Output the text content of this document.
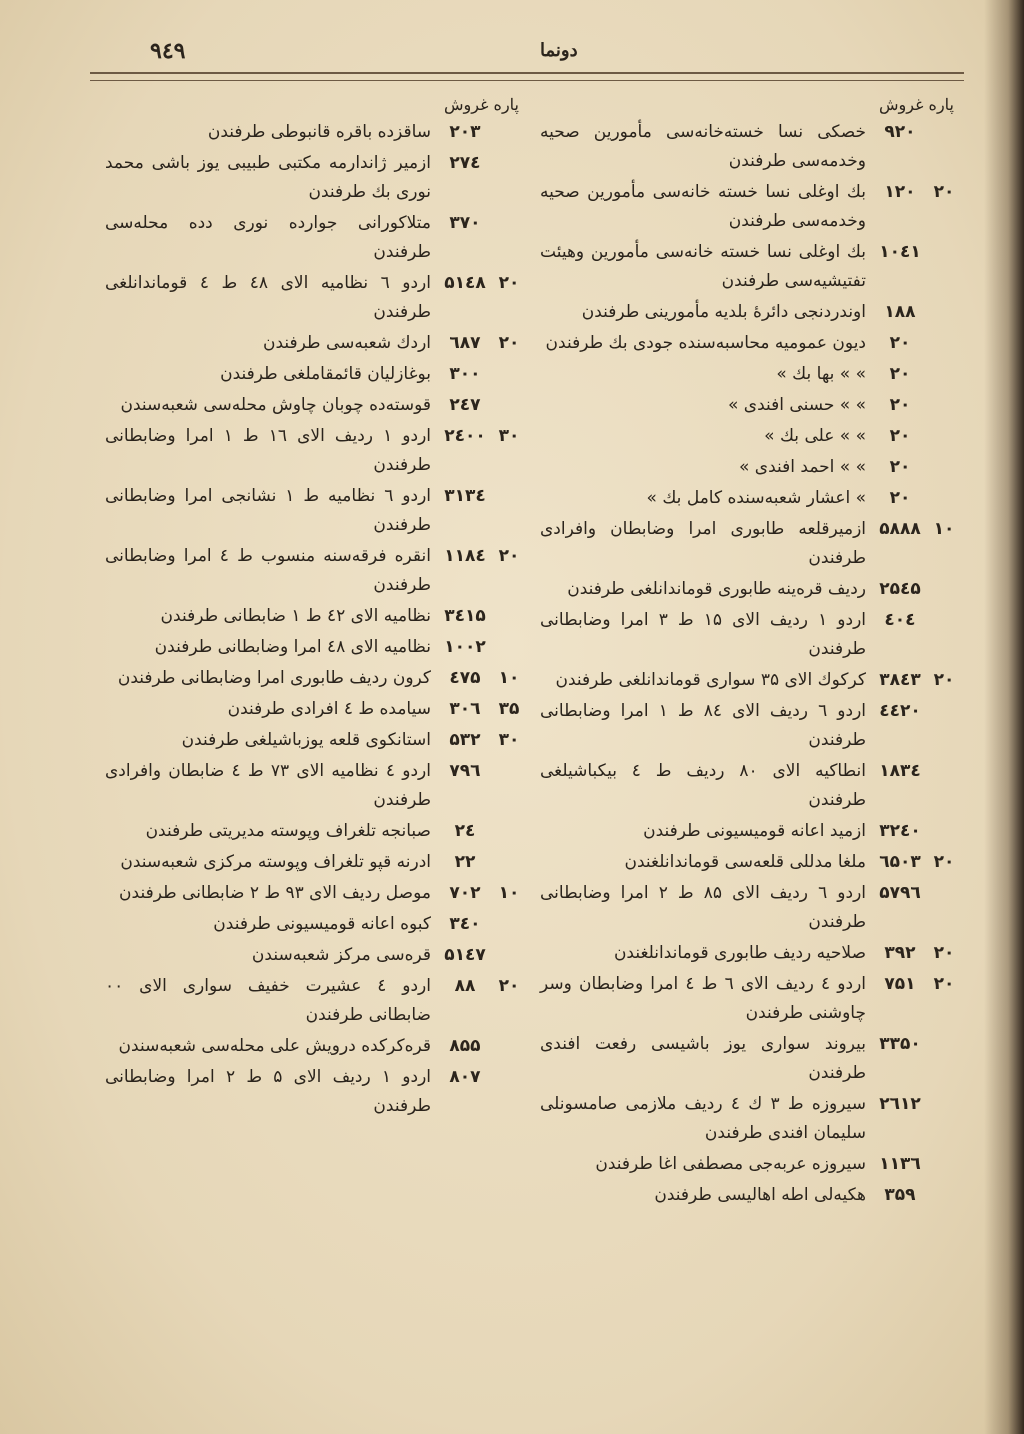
۹٤۹	دونما
پاره غروش
۹۲۰
خصکی نسا خسته‌خانه‌سی مأمورین صحیه وخدمه‌سی طرفندن
۲۰
۱۲۰
بك اوغلی نسا خسته خانه‌سی مأمورین صحیه وخدمه‌سی طرفندن
۱۰٤۱
بك اوغلی نسا خسته خانه‌سی مأمورین وهیئت تفتیشیه‌سی طرفندن
۱۸۸
اوندردنجی دائرهٔ بلدیه مأمورینی طرفندن
۲۰
دیون عمومیه محاسبه‌سنده جودی بك طرفندن
۲۰
» » بها بك »
۲۰
» » حسنی افندی »
۲۰
» » علی بك »
۲۰
» » احمد افندی »
۲۰
» اعشار شعبه‌سنده کامل بك »
۱۰
۵۸۸۸
ازمیرقلعه طابوری امرا وضابطان وافرادی طرفندن
۲۵٤۵
ردیف قرەینه طابوری قوماندانلغی طرفندن
٤۰٤
اردو ۱ ردیف الای ۱۵ ط ۳ امرا وضابطانی طرفندن
۲۰
۳۸٤۳
کرکوك الای ۳۵ سواری قوماندانلغی طرفندن
٤٤۲۰
اردو ٦ ردیف الای ۸٤ ط ۱ امرا وضابطانی طرفندن
۱۸۳٤
انطاکیه الای ۸۰ ردیف ط ٤ بیکباشیلغی طرفندن
۳۲٤۰
ازمید اعانه قومیسیونی طرفندن
۲۰
٦۵۰۳
ملغا مدللی قلعه‌سی قوماندانلغندن
۵۷۹٦
اردو ٦ ردیف الای ۸۵ ط ۲ امرا وضابطانی طرفندن
۲۰
۳۹۲
صلاحیه ردیف طابوری قوماندانلغندن
۲۰
۷۵۱
اردو ٤ ردیف الای ٦ ط ٤ امرا وضابطان وسر چاوشنی طرفندن
۳۳۵۰
بیروند سواری یوز باشیسی رفعت افندی طرفندن
۲٦۱۲
سیروزه ط ۳ ك ٤ ردیف ملازمی صامسونلی سلیمان افندی طرفندن
۱۱۳٦
سیروزه عربه‌جی مصطفی اغا طرفندن
۳۵۹
هکیه‌لی اطه اهالیسی طرفندن
پاره غروش
۲۰۳
ساقزده باقره قانبوطی طرفندن
۲۷٤
ازمیر ژاندارمه مکتبی طبیبی یوز باشی محمد نوری بك طرفندن
۳۷۰
متلاکورانی جواردە نوری ددە محله‌سی طرفندن
۲۰
۵۱٤۸
اردو ٦ نظامیه الای ٤۸ ط ٤ قوماندانلغی طرفندن
۲۰
٦۸۷
اردك شعبه‌سی طرفندن
۳۰۰
بوغازلیان قائمقاملغی طرفندن
۲٤۷
قوسته‌ده چوبان چاوش محله‌سی شعبه‌سندن
۳۰
۲٤۰۰
اردو ۱ ردیف الای ۱٦ ط ۱ امرا وضابطانی طرفندن
۳۱۳٤
اردو ٦ نظامیه ط ۱ نشانجی امرا وضابطانی طرفندن
۲۰
۱۱۸٤
انقره فرقه‌سنه منسوب ط ٤ امرا وضابطانی طرفندن
۳٤۱۵
نظامیه الای ٤۲ ط ۱ ضابطانی طرفندن
۱۰۰۲
نظامیه الای ٤۸ امرا وضابطانی طرفندن
۱۰
٤۷۵
کرون ردیف طابوری امرا وضابطانی طرفندن
۳۵
۳۰٦
سیامده ط ٤ افرادی طرفندن
۳۰
۵۳۲
استانکوی قلعه یوزباشیلغی طرفندن
۷۹٦
اردو ٤ نظامیه الای ۷۳ ط ٤ ضابطان وافرادی طرفندن
۲٤
صبانجه تلغراف وپوسته مدیریتی طرفندن
۲۲
ادرنه قپو تلغراف وپوسته مرکزی شعبه‌سندن
۱۰
۷۰۲
موصل ردیف الای ۹۳ ط ۲ ضابطانی طرفندن
۳٤۰
کبوه اعانه قومیسیونی طرفندن
۵۱٤۷
قره‌سی مرکز شعبه‌سندن
۲۰
۸۸
اردو ٤ عشیرت خفیف سواری الای ۰۰ ضابطانی طرفندن
۸۵۵
قره‌کرکده درویش علی محله‌سی شعبه‌سندن
۸۰۷
اردو ۱ ردیف الای ۵ ط ۲ امرا وضابطانی طرفندن
